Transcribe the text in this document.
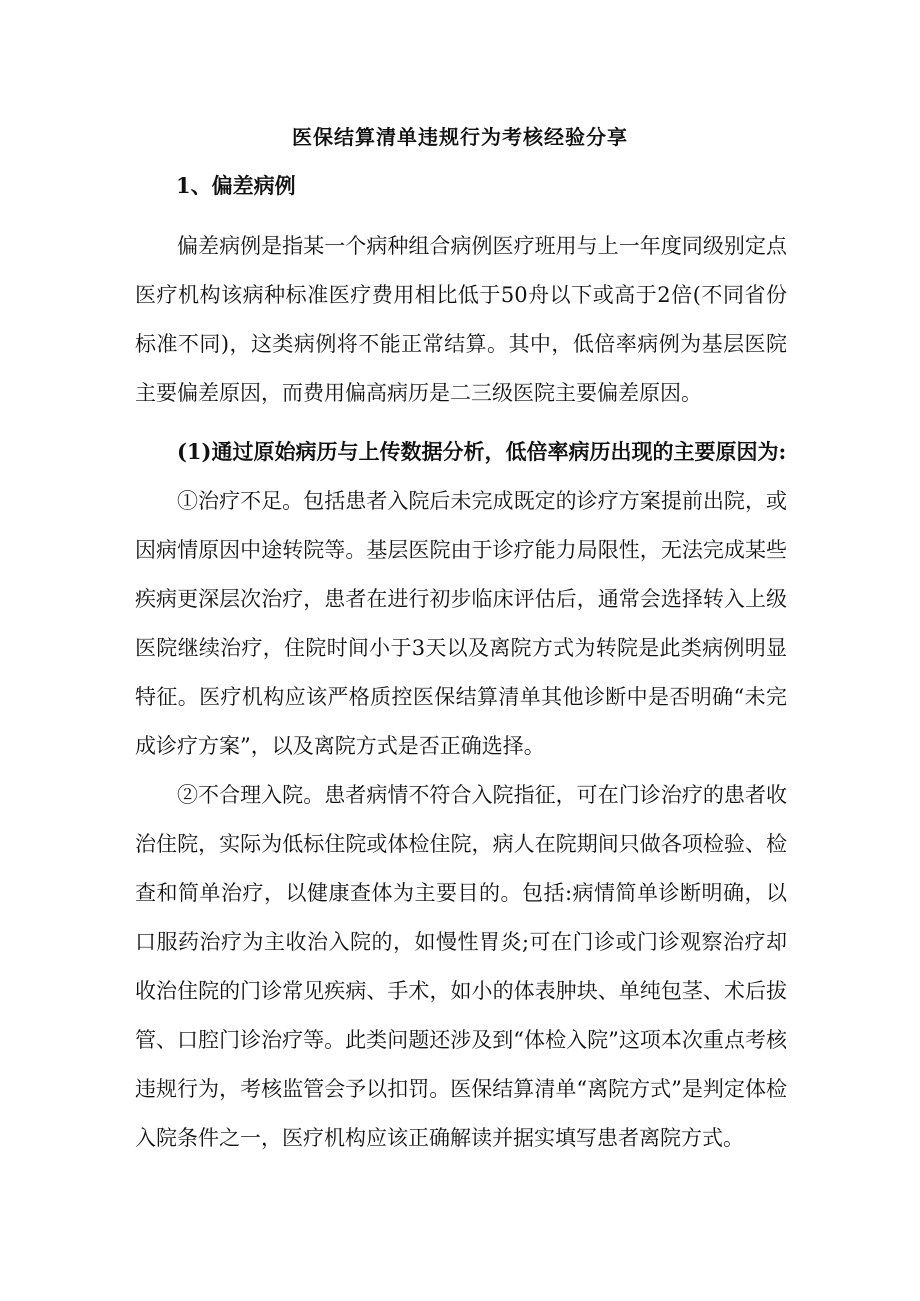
医保结算清单违规行为考核经验分享
1、偏差病例

偏差病例是指某一个病种组合病例医疗班用与上一年度同级别定点医疗机构该病种标准医疗费用相比低于50舟以下或高于2倍(不同省份标准不同)，这类病例将不能正常结算。其中，低倍率病例为基层医院主要偏差原因，而费用偏高病历是二三级医院主要偏差原因。

(1)通过原始病历与上传数据分析，低倍率病历出现的主要原因为:

①治疗不足。包括患者入院后未完成既定的诊疗方案提前出院，或因病情原因中途转院等。基层医院由于诊疗能力局限性，无法完成某些疾病更深层次治疗，患者在进行初步临床评估后，通常会选择转入上级医院继续治疗，住院时间小于3天以及离院方式为转院是此类病例明显特征。医疗机构应该严格质控医保结算清单其他诊断中是否明确“未完成诊疗方案”，以及离院方式是否正确选择。

②不合理入院。患者病情不符合入院指征，可在门诊治疗的患者收治住院，实际为低标住院或体检住院，病人在院期间只做各项检验、检查和简单治疗，以健康查体为主要目的。包括:病情简单诊断明确，以口服药治疗为主收治入院的，如慢性胃炎;可在门诊或门诊观察治疗却收治住院的门诊常见疾病、手术，如小的体表肿块、单纯包茎、术后拔管、口腔门诊治疗等。此类问题还涉及到“体检入院”这项本次重点考核违规行为，考核监管会予以扣罚。医保结算清单“离院方式”是判定体检入院条件之一，医疗机构应该正确解读并据实填写患者离院方式。
